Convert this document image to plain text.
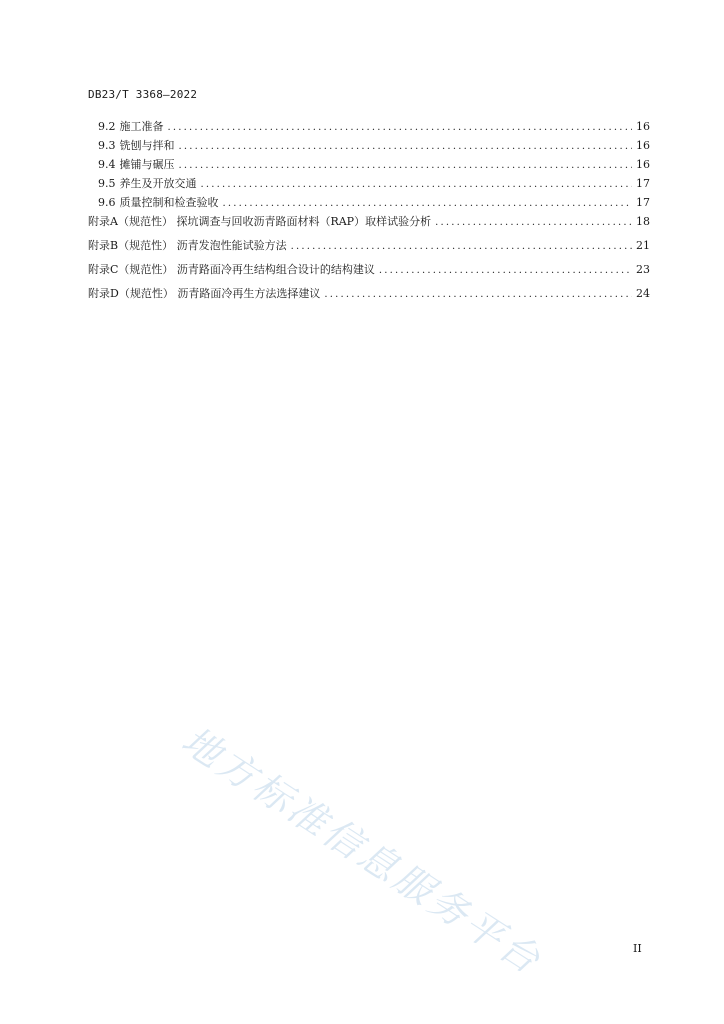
DB23/T 3368—2022
9.2 施工准备 .....	16
9.3 铣刨与拌和 .....	16
9.4 摊铺与碾压 .....	16
9.5 养生及开放交通 .....	17
9.6 质量控制和检查验收 .....	17
附录A（规范性） 探坑调查与回收沥青路面材料（RAP）取样试验分析 .....	18
附录B（规范性） 沥青发泡性能试验方法 .....	21
附录C（规范性） 沥青路面冷再生结构组合设计的结构建议 .....	23
附录D（规范性） 沥青路面冷再生方法选择建议 .....	24
地方标准信息服务平台	II
